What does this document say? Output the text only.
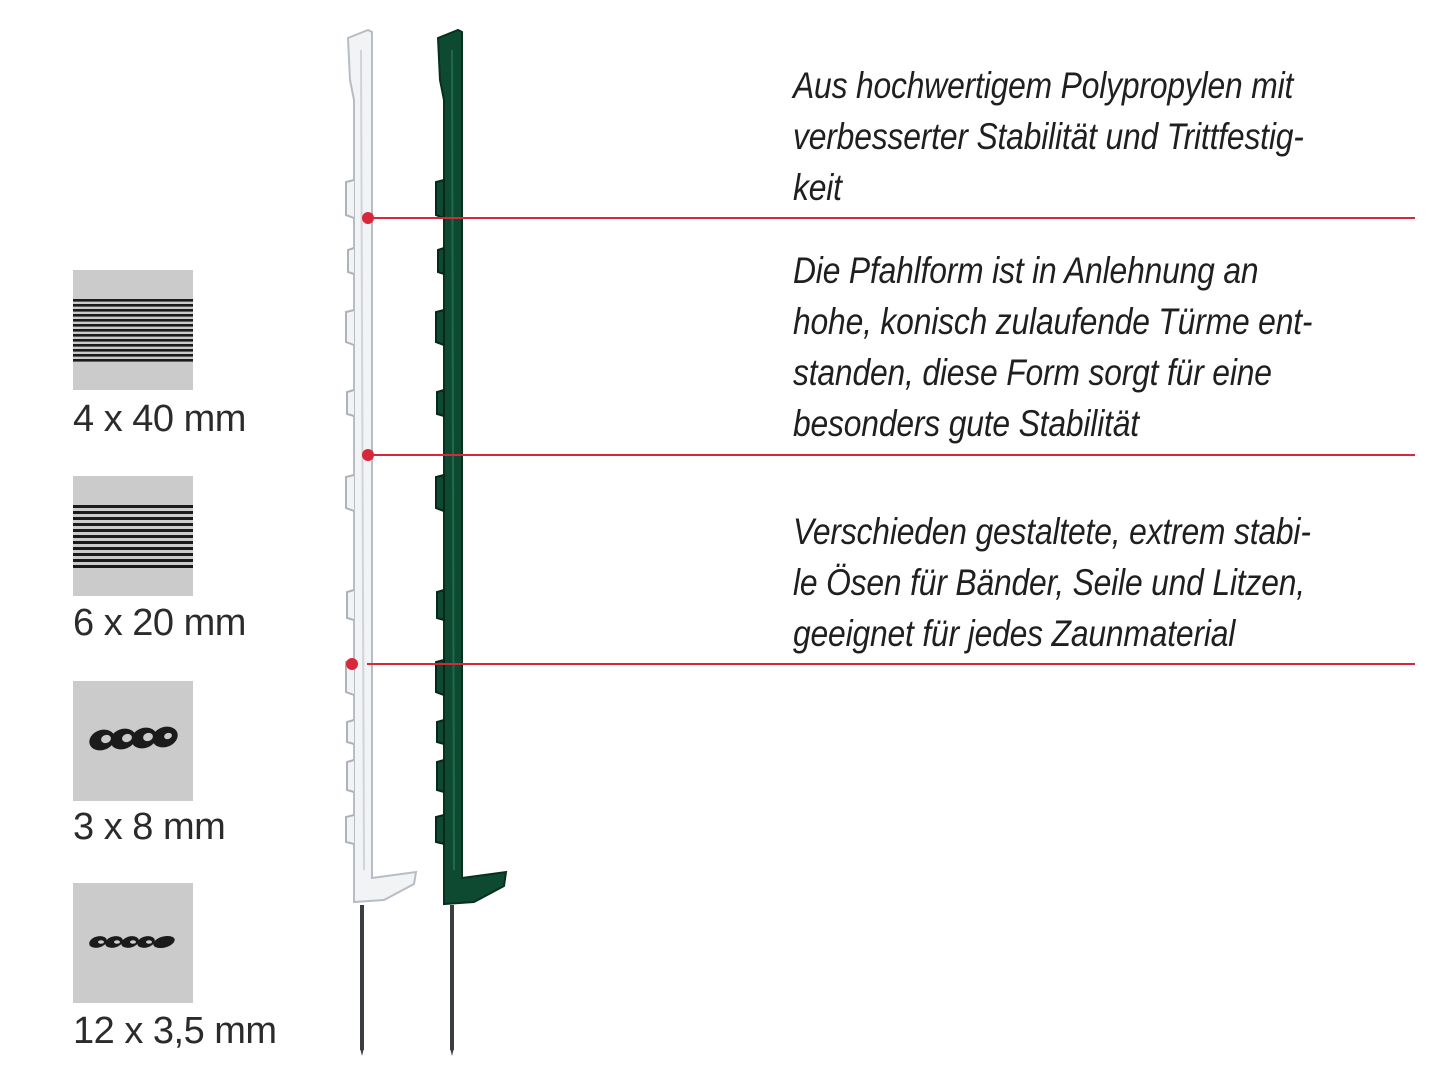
4 x 40 mm
6 x 20 mm
3 x 8 mm
12 x 3,5 mm
Aus hochwertigem Polypropylen mit
verbesserter Stabilität und Trittfestig-
keit
Die Pfahlform ist in Anlehnung an
hohe, konisch zulaufende Türme ent-
standen, diese Form sorgt für eine
besonders gute Stabilität
Verschieden gestaltete, extrem stabi-
le Ösen für Bänder, Seile und Litzen,
geeignet für jedes Zaunmaterial
